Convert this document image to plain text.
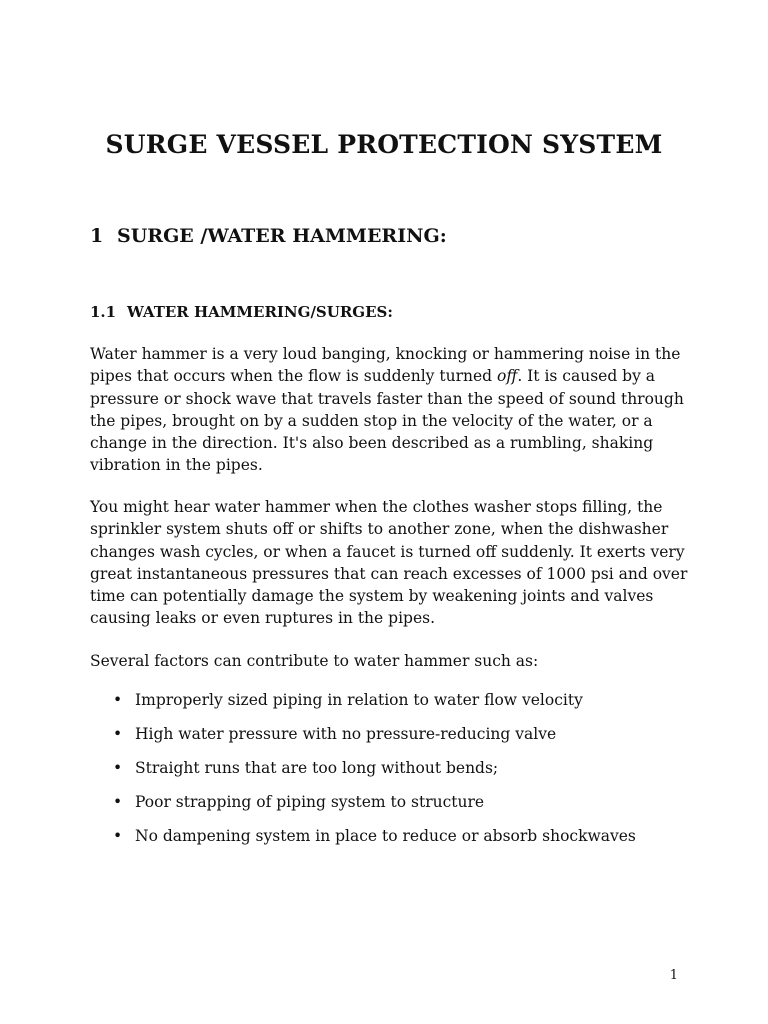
SURGE VESSEL PROTECTION SYSTEM
1 SURGE /WATER HAMMERING:
1.1 WATER HAMMERING/SURGES:

Water hammer is a very loud banging, knocking or hammering noise in the pipes that occurs when the flow is suddenly turned off. It is caused by a pressure or shock wave that travels faster than the speed of sound through the pipes, brought on by a sudden stop in the velocity of the water, or a change in the direction. It's also been described as a rumbling, shaking vibration in the pipes.

You might hear water hammer when the clothes washer stops filling, the sprinkler system shuts off or shifts to another zone, when the dishwasher changes wash cycles, or when a faucet is turned off suddenly. It exerts very great instantaneous pressures that can reach excesses of 1000 psi and over time can potentially damage the system by weakening joints and valves causing leaks or even ruptures in the pipes.

Several factors can contribute to water hammer such as:

• Improperly sized piping in relation to water flow velocity
• High water pressure with no pressure-reducing valve
• Straight runs that are too long without bends;
• Poor strapping of piping system to structure
• No dampening system in place to reduce or absorb shockwaves

1
